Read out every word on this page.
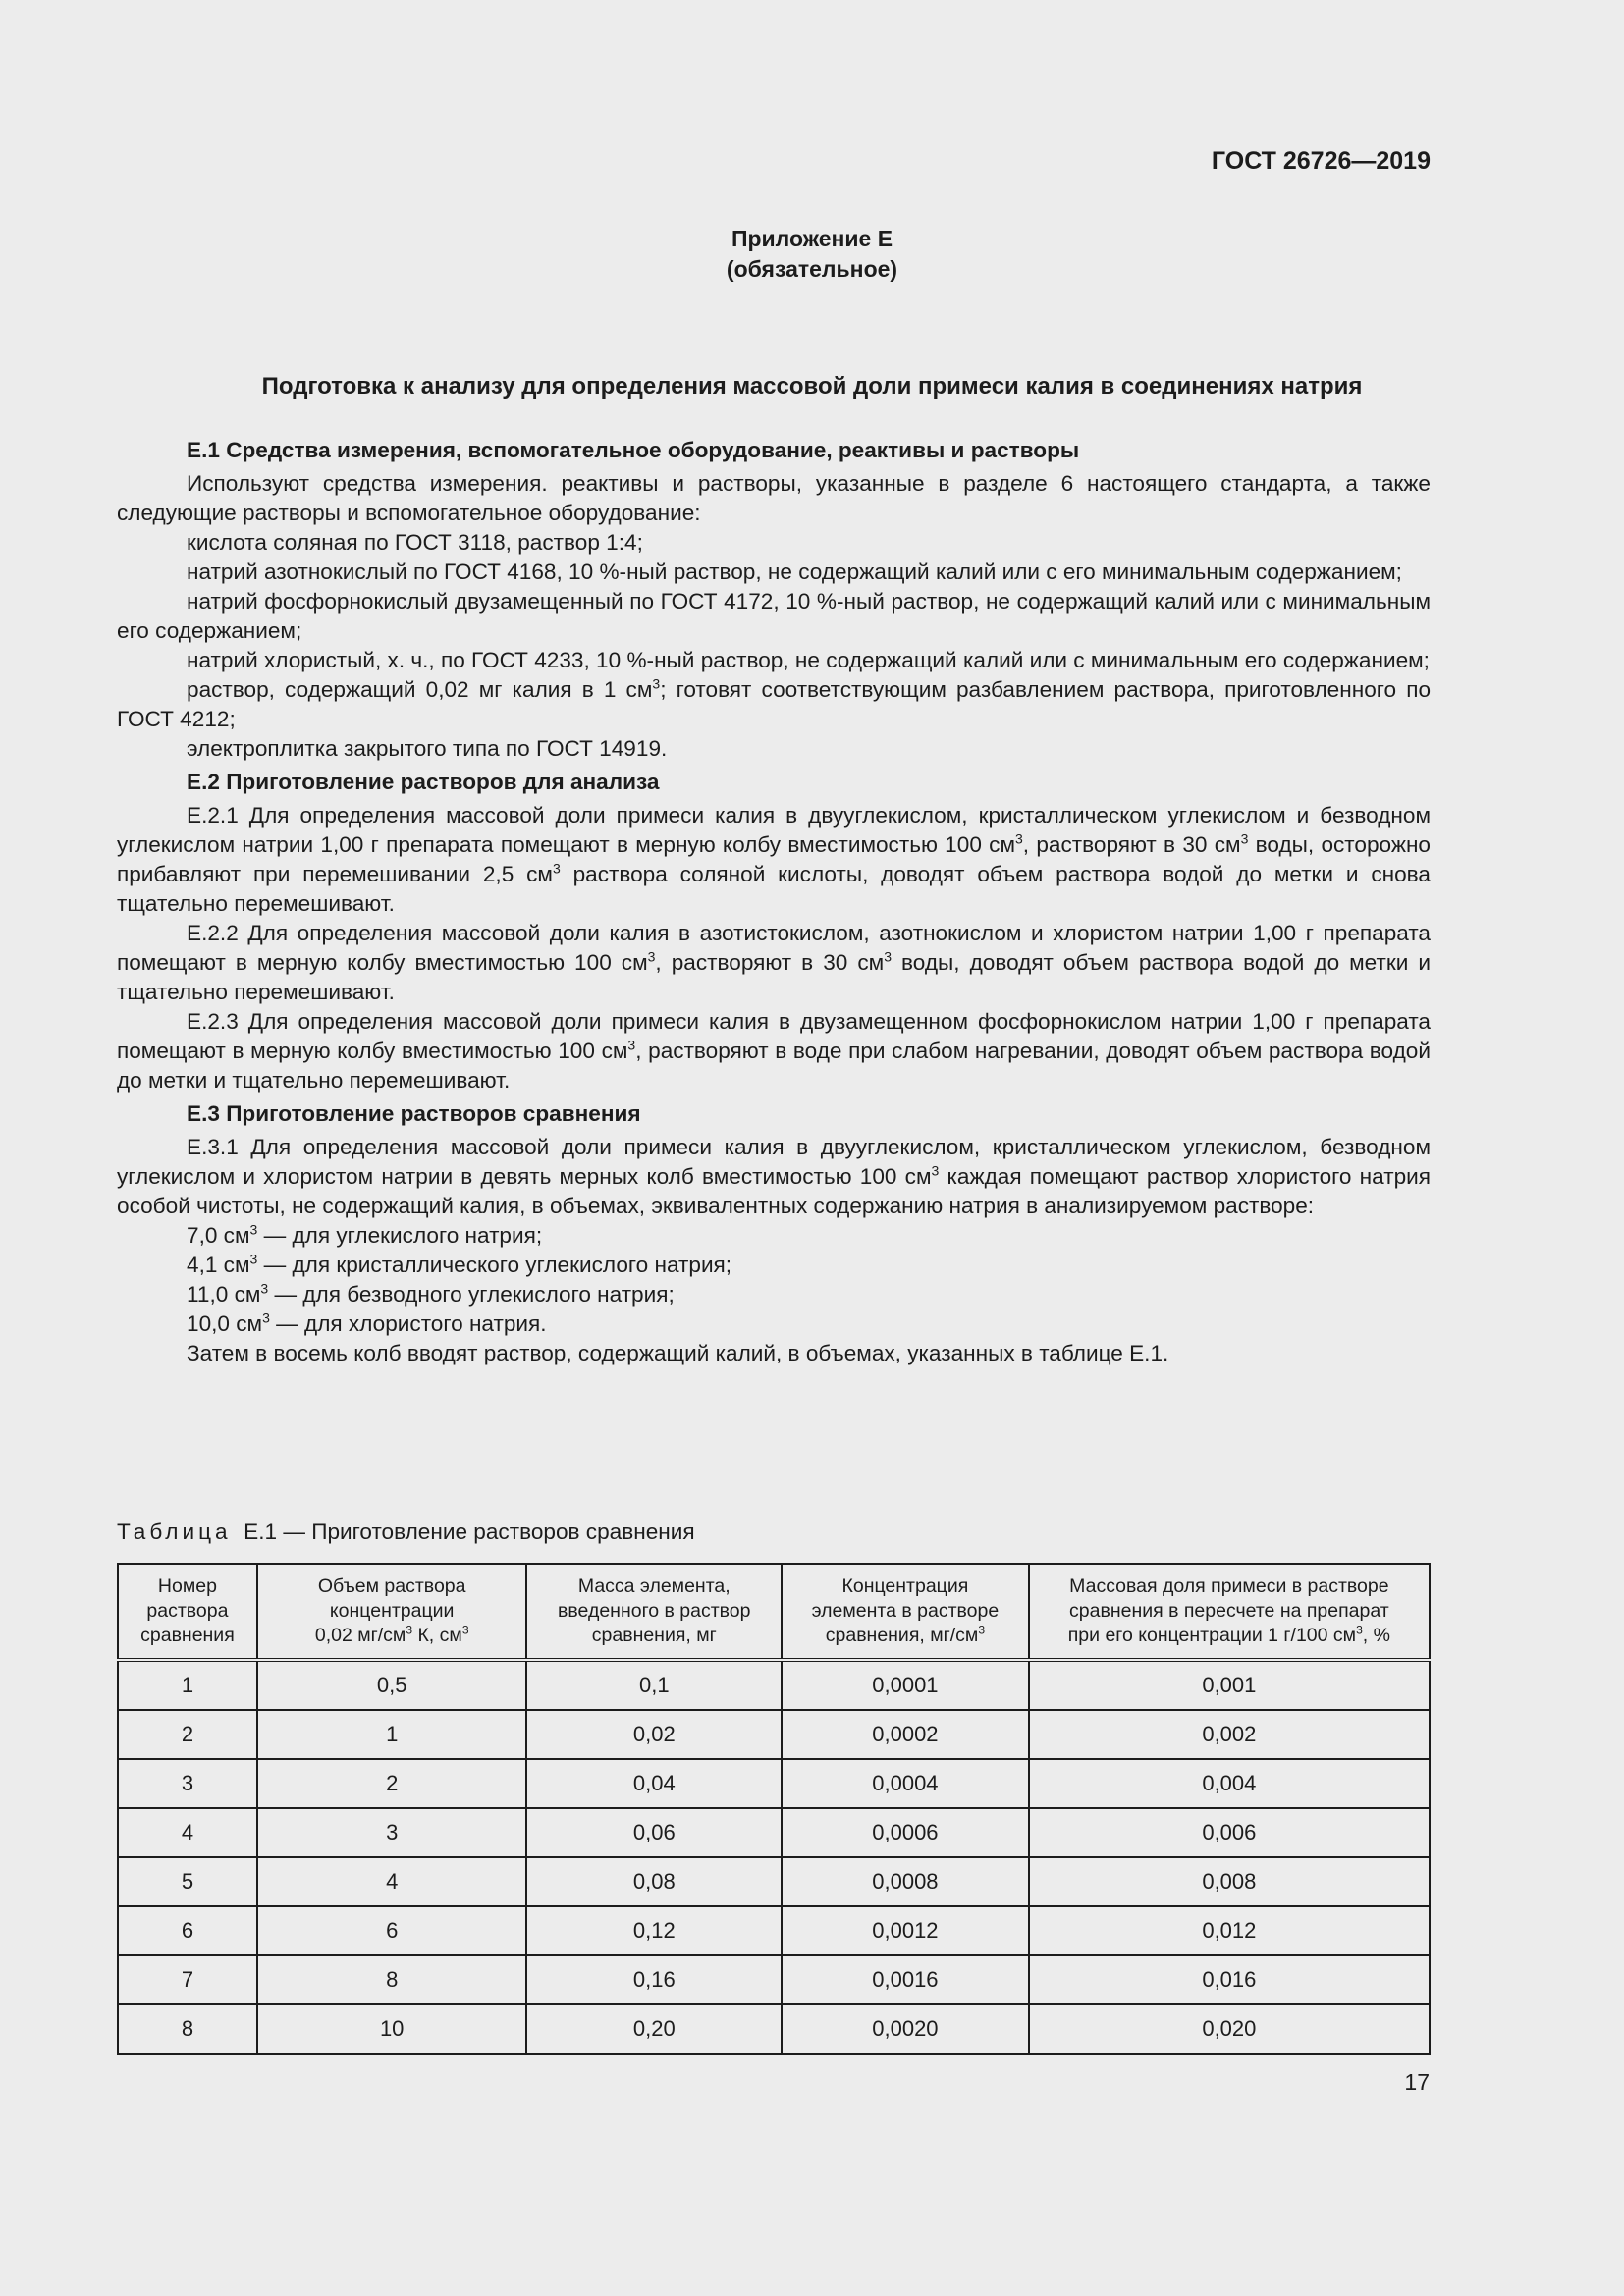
ГОСТ 26726—2019
Приложение Е
(обязательное)
Подготовка к анализу для определения массовой доли примеси калия в соединениях натрия

Е.1 Средства измерения, вспомогательное оборудование, реактивы и растворы

Используют средства измерения. реактивы и растворы, указанные в разделе 6 настоящего стандарта, а также следующие растворы и вспомогательное оборудование:

кислота соляная по ГОСТ 3118, раствор 1:4;

натрий азотнокислый по ГОСТ 4168, 10 %-ный раствор, не содержащий калий или с его минимальным содержанием;

натрий фосфорнокислый двузамещенный по ГОСТ 4172, 10 %-ный раствор, не содержащий калий или с минимальным его содержанием;

натрий хлористый, х. ч., по ГОСТ 4233, 10 %-ный раствор, не содержащий калий или с минимальным его содержанием;

раствор, содержащий 0,02 мг калия в 1 $см^3$; готовят соответствующим разбавлением раствора, приготовленного по ГОСТ 4212;

электроплитка закрытого типа по ГОСТ 14919.

Е.2 Приготовление растворов для анализа

Е.2.1 Для определения массовой доли примеси калия в двууглекислом, кристаллическом углекислом и безводном углекислом натрии 1,00 г препарата помещают в мерную колбу вместимостью 100 $см^3$, растворяют в 30 $см^3$ воды, осторожно прибавляют при перемешивании 2,5 $см^3$ раствора соляной кислоты, доводят объем раствора водой до метки и снова тщательно перемешивают.

Е.2.2 Для определения массовой доли калия в азотистокислом, азотнокислом и хлористом натрии 1,00 г препарата помещают в мерную колбу вместимостью 100 $см^3$, растворяют в 30 $см^3$ воды, доводят объем раствора водой до метки и тщательно перемешивают.

Е.2.3 Для определения массовой доли примеси калия в двузамещенном фосфорнокислом натрии 1,00 г препарата помещают в мерную колбу вместимостью 100 $см^3$, растворяют в воде при слабом нагревании, доводят объем раствора водой до метки и тщательно перемешивают.

Е.3 Приготовление растворов сравнения

Е.3.1 Для определения массовой доли примеси калия в двууглекислом, кристаллическом углекислом, безводном углекислом и хлористом натрии в девять мерных колб вместимостью 100 $см^3$ каждая помещают раствор хлористого натрия особой чистоты, не содержащий калия, в объемах, эквивалентных содержанию натрия в анализируемом растворе:

7,0 $см^3$ — для углекислого натрия;

4,1 $см^3$ — для кристаллического углекислого натрия;

11,0 $см^3$ — для безводного углекислого натрия;

10,0 $см^3$ — для хлористого натрия.

Затем в восемь колб вводят раствор, содержащий калий, в объемах, указанных в таблице Е.1.

Таблица Е.1 — Приготовление растворов сравнения
Номер
раствора
сравнения	Объем раствора
концентрации
0,02 $мг/см^3$ К, $см^3$	Масса элемента,
введенного в раствор
сравнения, мг	Концентрация
элемента в растворе
сравнения, $мг/см^3$	Массовая доля примеси в растворе
сравнения в пересчете на препарат
при его концентрации 1 г/100 $см^3$, %
1	0,5	0,1	0,0001	0,001
2	1	0,02	0,0002	0,002
3	2	0,04	0,0004	0,004
4	3	0,06	0,0006	0,006
5	4	0,08	0,0008	0,008
6	6	0,12	0,0012	0,012
7	8	0,16	0,0016	0,016
8	10	0,20	0,0020	0,020
17
